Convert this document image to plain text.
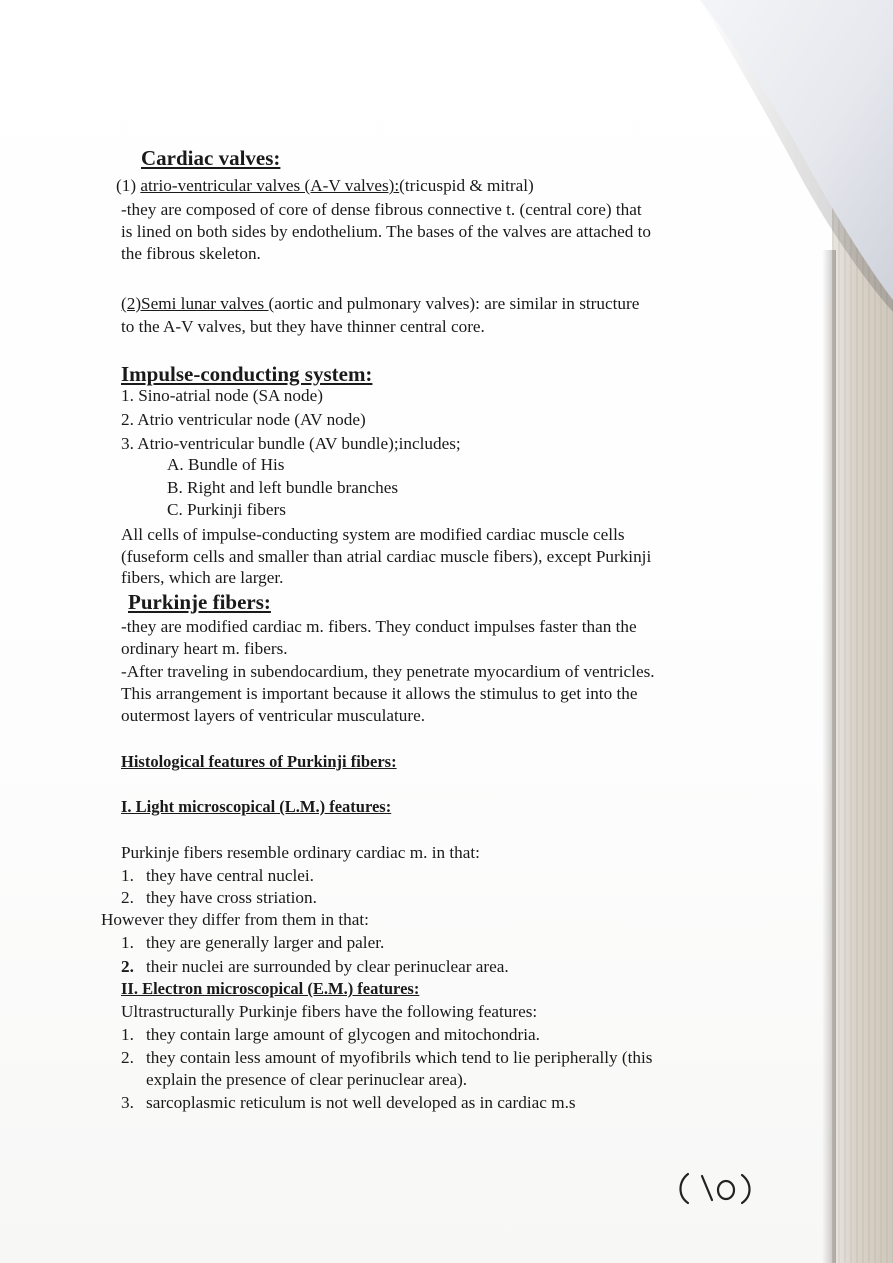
Cardiac valves:
(1) atrio-ventricular valves (A-V valves):(tricuspid & mitral)
-they are composed of core of dense fibrous connective t. (central core) that
is lined on both sides by endothelium. The bases of the valves are attached to
the fibrous skeleton.
(2)Semi lunar valves (aortic and pulmonary valves): are similar in structure
to the A-V valves, but they have thinner central core.
Impulse-conducting system:
1. Sino-atrial node (SA node)
2. Atrio ventricular node (AV node)
3. Atrio-ventricular bundle (AV bundle);includes;
A. Bundle of His
B. Right and left bundle branches
C. Purkinji fibers
All cells of impulse-conducting system are modified cardiac muscle cells
(fuseform cells and smaller than atrial cardiac muscle fibers), except Purkinji
fibers, which are larger.
Purkinje fibers:
-they are modified cardiac m. fibers. They conduct impulses faster than the
ordinary heart m. fibers.
-After traveling in subendocardium, they penetrate myocardium of ventricles.
This arrangement is important because it allows the stimulus to get into the
outermost layers of ventricular musculature.
Histological features of Purkinji fibers:
I. Light microscopical (L.M.) features:
Purkinje fibers resemble ordinary cardiac m. in that:
1. they have central nuclei.
2. they have cross striation.
However they differ from them in that:
1. they are generally larger and paler.
2. their nuclei are surrounded by clear perinuclear area.
II. Electron microscopical (E.M.) features:
Ultrastructurally Purkinje fibers have the following features:
1. they contain large amount of glycogen and mitochondria.
2. they contain less amount of myofibrils which tend to lie peripherally (this
explain the presence of clear perinuclear area).
3. sarcoplasmic reticulum is not well developed as in cardiac m.s
